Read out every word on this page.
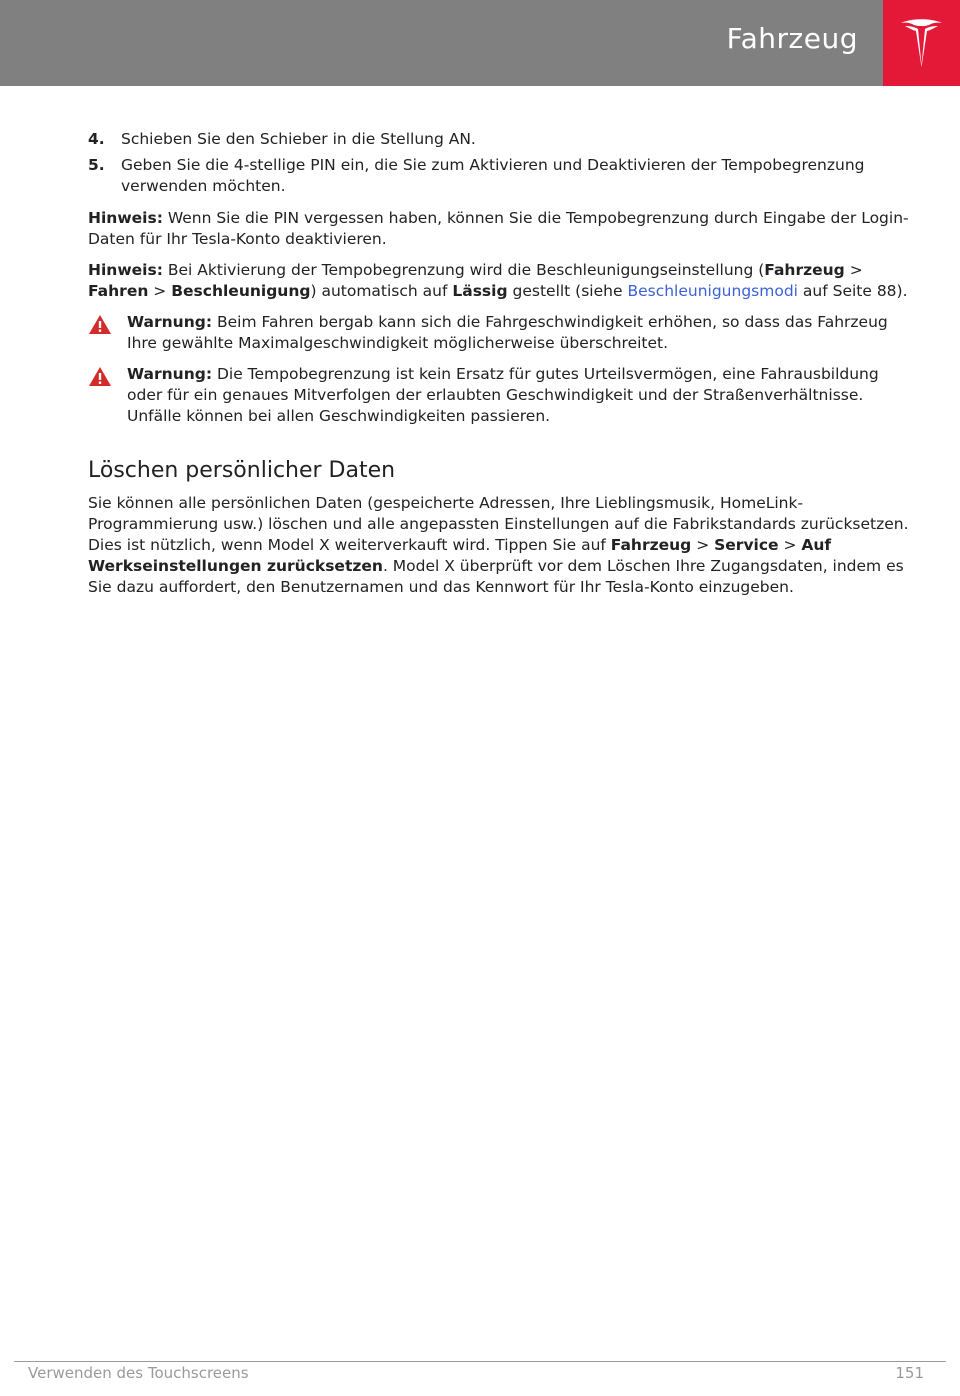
Fahrzeug
4. Schieben Sie den Schieber in die Stellung AN.
5. Geben Sie die 4-stellige PIN ein, die Sie zum Aktivieren und Deaktivieren der Tempobegrenzung verwenden möchten.

Hinweis: Wenn Sie die PIN vergessen haben, können Sie die Tempobegrenzung durch Eingabe der Login-Daten für Ihr Tesla-Konto deaktivieren.

Hinweis: Bei Aktivierung der Tempobegrenzung wird die Beschleunigungseinstellung (Fahrzeug > Fahren > Beschleunigung) automatisch auf Lässig gestellt (siehe Beschleunigungsmodi auf Seite 88).

Warnung: Beim Fahren bergab kann sich die Fahrgeschwindigkeit erhöhen, so dass das Fahrzeug Ihre gewählte Maximalgeschwindigkeit möglicherweise überschreitet.
Warnung: Die Tempobegrenzung ist kein Ersatz für gutes Urteilsvermögen, eine Fahrausbildung oder für ein genaues Mitverfolgen der erlaubten Geschwindigkeit und der Straßenverhältnisse. Unfälle können bei allen Geschwindigkeiten passieren.
Löschen persönlicher Daten

Sie können alle persönlichen Daten (gespeicherte Adressen, Ihre Lieblingsmusik, HomeLink-Programmierung usw.) löschen und alle angepassten Einstellungen auf die Fabrikstandards zurücksetzen. Dies ist nützlich, wenn Model X weiterverkauft wird. Tippen Sie auf Fahrzeug > Service > Auf Werkseinstellungen zurücksetzen. Model X überprüft vor dem Löschen Ihre Zugangsdaten, indem es Sie dazu auffordert, den Benutzernamen und das Kennwort für Ihr Tesla-Konto einzugeben.

Verwenden des Touchscreens	151
